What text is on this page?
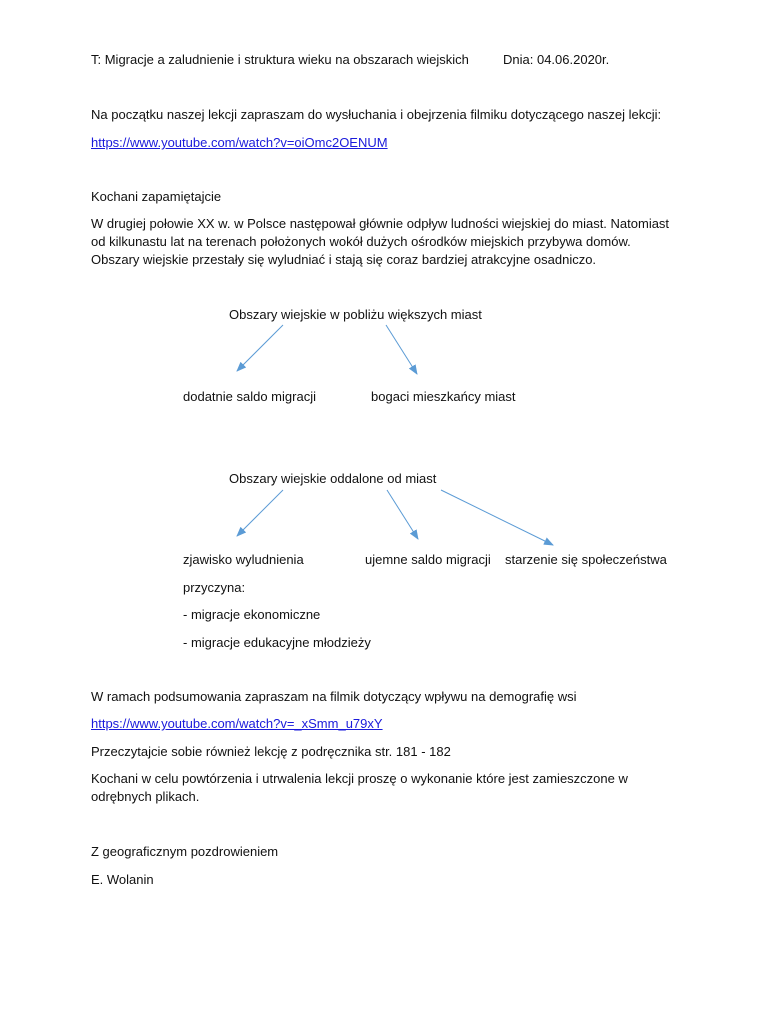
T: Migracje a zaludnienie i struktura wieku na obszarach wiejskich	Dnia: 04.06.2020r.
Na początku naszej lekcji zapraszam do wysłuchania i obejrzenia filmiku dotyczącego naszej lekcji:
https://www.youtube.com/watch?v=oiOmc2OENUM
Kochani zapamiętajcie
W drugiej połowie XX w. w Polsce następował głównie odpływ ludności wiejskiej do miast. Natomiast
od kilkunastu lat na terenach położonych wokół dużych ośrodków miejskich przybywa domów.
Obszary wiejskie przestały się wyludniać i stają się coraz bardziej atrakcyjne osadniczo.
Obszary wiejskie w pobliżu większych miast
dodatnie saldo migracji	bogaci mieszkańcy miast
Obszary wiejskie oddalone od miast
zjawisko wyludnienia	ujemne saldo migracji starzenie się społeczeństwa
przyczyna:
- migracje ekonomiczne
- migracje edukacyjne młodzieży
W ramach podsumowania zapraszam na filmik dotyczący wpływu na demografię wsi
https://www.youtube.com/watch?v=_xSmm_u79xY
Przeczytajcie sobie również lekcję z podręcznika str. 181 - 182
Kochani w celu powtórzenia i utrwalenia lekcji proszę o wykonanie które jest zamieszczone w
odrębnych plikach.
Z geograficznym pozdrowieniem
E. Wolanin
